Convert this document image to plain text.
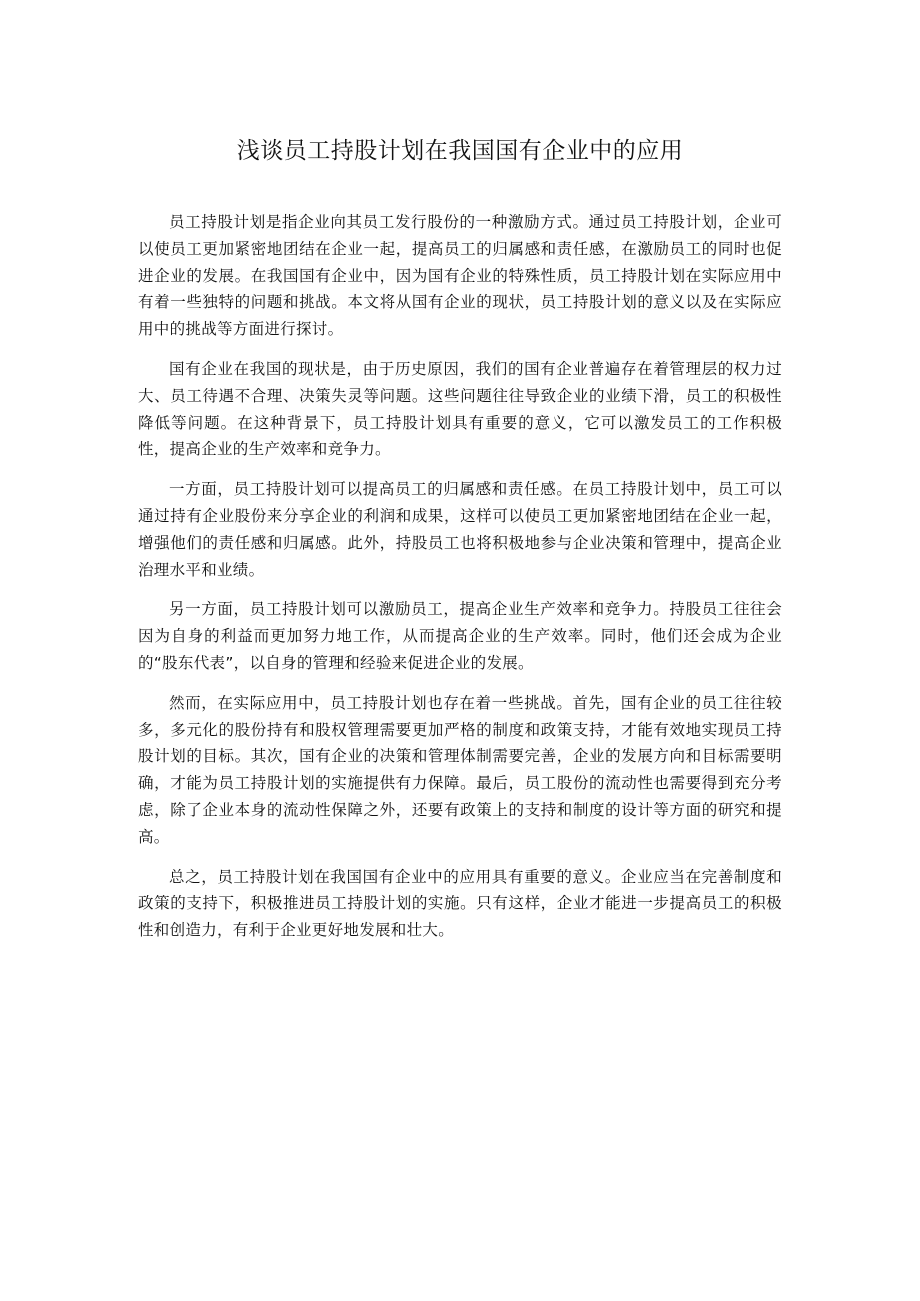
浅谈员工持股计划在我国国有企业中的应用

员工持股计划是指企业向其员工发行股份的一种激励方式。通过员工持股计划，企业可以使员工更加紧密地团结在企业一起，提高员工的归属感和责任感，在激励员工的同时也促进企业的发展。在我国国有企业中，因为国有企业的特殊性质，员工持股计划在实际应用中有着一些独特的问题和挑战。本文将从国有企业的现状，员工持股计划的意义以及在实际应用中的挑战等方面进行探讨。

国有企业在我国的现状是，由于历史原因，我们的国有企业普遍存在着管理层的权力过大、员工待遇不合理、决策失灵等问题。这些问题往往导致企业的业绩下滑，员工的积极性降低等问题。在这种背景下，员工持股计划具有重要的意义，它可以激发员工的工作积极性，提高企业的生产效率和竞争力。

一方面，员工持股计划可以提高员工的归属感和责任感。在员工持股计划中，员工可以通过持有企业股份来分享企业的利润和成果，这样可以使员工更加紧密地团结在企业一起，增强他们的责任感和归属感。此外，持股员工也将积极地参与企业决策和管理中，提高企业治理水平和业绩。

另一方面，员工持股计划可以激励员工，提高企业生产效率和竞争力。持股员工往往会因为自身的利益而更加努力地工作，从而提高企业的生产效率。同时，他们还会成为企业的“股东代表”，以自身的管理和经验来促进企业的发展。

然而，在实际应用中，员工持股计划也存在着一些挑战。首先，国有企业的员工往往较多，多元化的股份持有和股权管理需要更加严格的制度和政策支持，才能有效地实现员工持股计划的目标。其次，国有企业的决策和管理体制需要完善，企业的发展方向和目标需要明确，才能为员工持股计划的实施提供有力保障。最后，员工股份的流动性也需要得到充分考虑，除了企业本身的流动性保障之外，还要有政策上的支持和制度的设计等方面的研究和提高。

总之，员工持股计划在我国国有企业中的应用具有重要的意义。企业应当在完善制度和政策的支持下，积极推进员工持股计划的实施。只有这样，企业才能进一步提高员工的积极性和创造力，有利于企业更好地发展和壮大。
